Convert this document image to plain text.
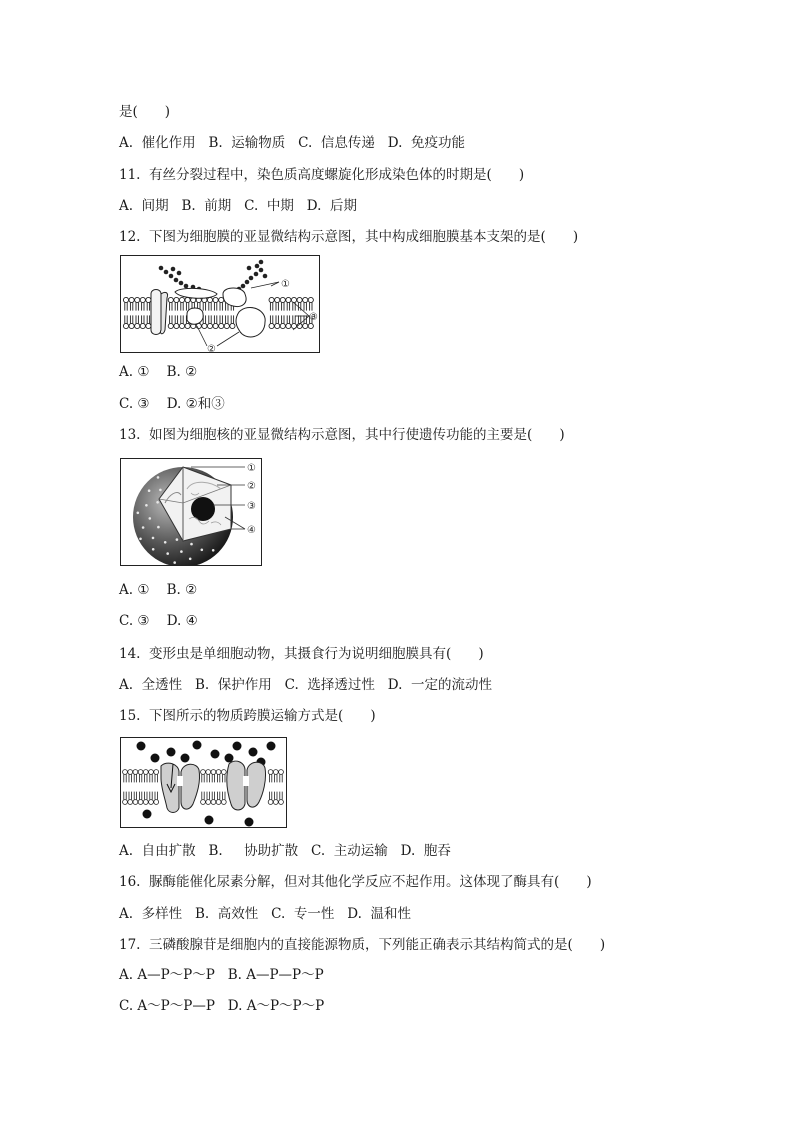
是(　　)
A.  催化作用   B.  运输物质   C.  信息传递   D.  免疫功能
11.  有丝分裂过程中，染色质高度螺旋化形成染色体的时期是(　　)
A.  间期   B.  前期   C.  中期   D.  后期
12.  下图为细胞膜的亚显微结构示意图，其中构成细胞膜基本支架的是(　　)
①
③
②
A. ①    B. ②
C. ③    D. ②和③
13.  如图为细胞核的亚显微结构示意图，其中行使遗传功能的主要是(　　)
①
②
③
④
A. ①    B. ②
C. ③    D. ④
14.  变形虫是单细胞动物，其摄食行为说明细胞膜具有(　　)
A.  全透性   B.  保护作用   C.  选择透过性   D.  一定的流动性
15.  下图所示的物质跨膜运输方式是(　　)
A.  自由扩散   B.     协助扩散   C.  主动运输   D.  胞吞
16.  脲酶能催化尿素分解，但对其他化学反应不起作用。这体现了酶具有(　　)
A.  多样性   B.  高效性   C.  专一性   D.  温和性
17.  三磷酸腺苷是细胞内的直接能源物质，下列能正确表示其结构简式的是(　　)
A. A—P～P～P   B. A—P—P～P
C. A～P～P—P   D. A～P～P～P
